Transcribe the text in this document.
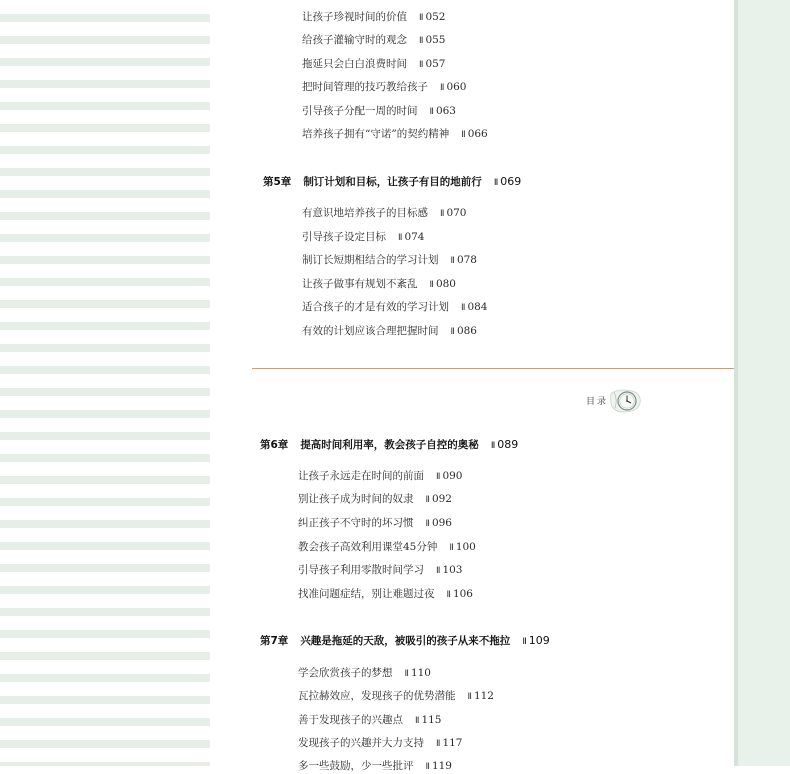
让孩子珍视时间的价值 Ⅱ 052
给孩子灌输守时的观念 Ⅱ 055
拖延只会白白浪费时间 Ⅱ 057
把时间管理的技巧教给孩子 Ⅱ 060
引导孩子分配一周的时间 Ⅱ 063
培养孩子拥有“守诺”的契约精神 Ⅱ 066
第5章 制订计划和目标，让孩子有目的地前行 Ⅱ 069
有意识地培养孩子的目标感 Ⅱ 070
引导孩子设定目标 Ⅱ 074
制订长短期相结合的学习计划 Ⅱ 078
让孩子做事有规划不紊乱 Ⅱ 080
适合孩子的才是有效的学习计划 Ⅱ 084
有效的计划应该合理把握时间 Ⅱ 086
目录
第6章 提高时间利用率，教会孩子自控的奥秘 Ⅱ 089
让孩子永远走在时间的前面 Ⅱ 090
别让孩子成为时间的奴隶 Ⅱ 092
纠正孩子不守时的坏习惯 Ⅱ 096
教会孩子高效利用课堂45分钟 Ⅱ 100
引导孩子利用零散时间学习 Ⅱ 103
找准问题症结，别让难题过夜 Ⅱ 106
第7章 兴趣是拖延的天敌，被吸引的孩子从来不拖拉 Ⅱ 109
学会欣赏孩子的梦想 Ⅱ 110
瓦拉赫效应，发现孩子的优势潜能 Ⅱ 112
善于发现孩子的兴趣点 Ⅱ 115
发现孩子的兴趣并大力支持 Ⅱ 117
多一些鼓励，少一些批评 Ⅱ 119
